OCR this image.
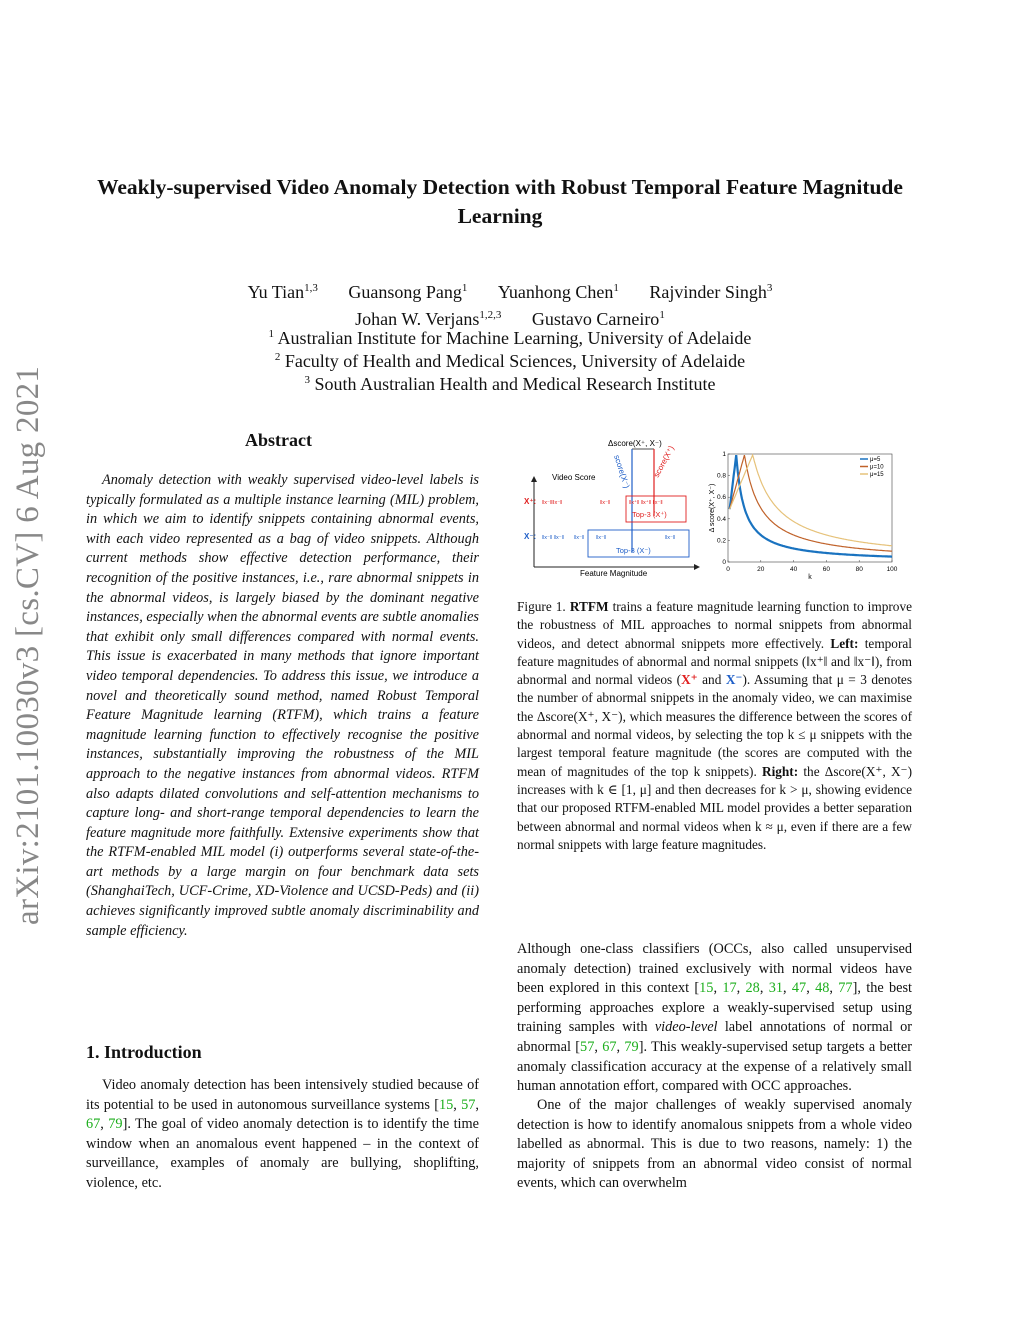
arXiv:2101.10030v3 [cs.CV] 6 Aug 2021
Weakly-supervised Video Anomaly Detection with Robust Temporal Feature Magnitude Learning
Yu Tian$^{1,3}$ Guansong Pang$^1$ Yuanhong Chen$^1$ Rajvinder Singh$^3$
Johan W. Verjans$^{1,2,3}$ Gustavo Carneiro$^1$
$^1$ Australian Institute for Machine Learning, University of Adelaide
$^2$ Faculty of Health and Medical Sciences, University of Adelaide
$^3$ South Australian Health and Medical Research Institute
Abstract
Anomaly detection with weakly supervised video-level labels is typically formulated as a multiple instance learning (MIL) problem, in which we aim to identify snippets containing abnormal events, with each video represented as a bag of video snippets. Although current methods show effective detection performance, their recognition of the positive instances, i.e., rare abnormal snippets in the abnormal videos, is largely biased by the dominant negative instances, especially when the abnormal events are subtle anomalies that exhibit only small differences compared with normal events. This issue is exacerbated in many methods that ignore important video temporal dependencies. To address this issue, we introduce a novel and theoretically sound method, named Robust Temporal Feature Magnitude learning (RTFM), which trains a feature magnitude learning function to effectively recognise the positive instances, substantially improving the robustness of the MIL approach to the negative instances from abnormal videos. RTFM also adapts dilated convolutions and self-attention mechanisms to capture long- and short-range temporal dependencies to learn the feature magnitude more faithfully. Extensive experiments show that the RTFM-enabled MIL model (i) outperforms several state-of-the-art methods by a large margin on four benchmark data sets (ShanghaiTech, UCF-Crime, XD-Violence and UCSD-Peds) and (ii) achieves significantly improved subtle anomaly discriminability and sample efficiency.
1. Introduction
Video anomaly detection has been intensively studied because of its potential to be used in autonomous surveillance systems [15, 57, 67, 79]. The goal of video anomaly detection is to identify the time window when an anomalous event happened – in the context of surveillance, examples of anomaly are bullying, shoplifting, violence, etc.
Video Score
Feature Magnitude
Δscore(X⁺, X⁻)
score(X⁻)	score(X⁺)
X⁺: ‖x⁻‖‖x⁻‖	‖x⁻‖	‖x⁺‖ ‖x⁺‖ ‖x⁻‖
Top-3 (X⁺)
X⁻: ‖x⁻‖ ‖x⁻‖ ‖x⁻‖ ‖x⁻‖	‖x⁻‖
Top-3 (X⁻)
0	20	40	60	80	100
0
0.2
0.4
0.6
0.8
1
k
Δ score(X⁺, X⁻)
μ=5
μ=10
μ=15
Figure 1. RTFM trains a feature magnitude learning function to improve the robustness of MIL approaches to normal snippets from abnormal videos, and detect abnormal snippets more effectively. Left: temporal feature magnitudes of abnormal and normal snippets (‖x⁺‖ and ‖x⁻‖), from abnormal and normal videos (X⁺ and X⁻). Assuming that μ = 3 denotes the number of abnormal snippets in the anomaly video, we can maximise the Δscore(X⁺, X⁻), which measures the difference between the scores of abnormal and normal videos, by selecting the top k ≤ μ snippets with the largest temporal feature magnitude (the scores are computed with the mean of magnitudes of the top k snippets). Right: the Δscore(X⁺, X⁻) increases with k ∈ [1, μ] and then decreases for k > μ, showing evidence that our proposed RTFM-enabled MIL model provides a better separation between abnormal and normal videos when k ≈ μ, even if there are a few normal snippets with large feature magnitudes.
Although one-class classifiers (OCCs, also called unsupervised anomaly detection) trained exclusively with normal videos have been explored in this context [15, 17, 28, 31, 47, 48, 77], the best performing approaches explore a weakly-supervised setup using training samples with video-level label annotations of normal or abnormal [57, 67, 79]. This weakly-supervised setup targets a better anomaly classification accuracy at the expense of a relatively small human annotation effort, compared with OCC approaches.
One of the major challenges of weakly supervised anomaly detection is how to identify anomalous snippets from a whole video labelled as abnormal. This is due to two reasons, namely: 1) the majority of snippets from an abnormal video consist of normal events, which can overwhelm
